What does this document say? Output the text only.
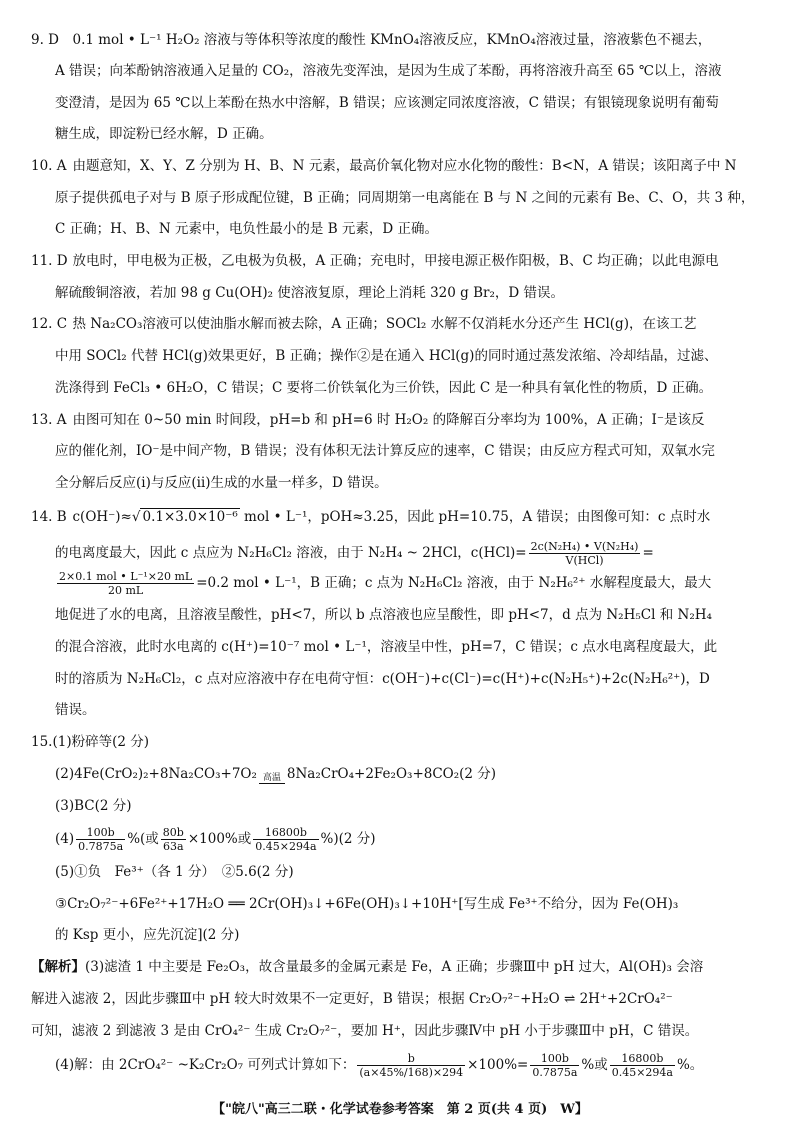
9. D　 0.1 mol • L⁻¹ H₂O₂ 溶液与等体积等浓度的酸性 KMnO₄溶液反应，KMnO₄溶液过量，溶液紫色不褪去，
A 错误；向苯酚钠溶液通入足量的 CO₂，溶液先变浑浊，是因为生成了苯酚，再将溶液升高至 65 ℃以上，溶液
变澄清，是因为 65 ℃以上苯酚在热水中溶解，B 错误；应该测定同浓度溶液，C 错误；有银镜现象说明有葡萄
糖生成，即淀粉已经水解，D 正确。
10. A　 由题意知，X、Y、Z 分别为 H、B、N 元素，最高价氧化物对应水化物的酸性：B<N，A 错误；该阳离子中 N
原子提供孤电子对与 B 原子形成配位键，B 正确；同周期第一电离能在 B 与 N 之间的元素有 Be、C、O，共 3 种，
C 正确；H、B、N 元素中，电负性最小的是 B 元素，D 正确。
11. D　 放电时，甲电极为正极，乙电极为负极，A 正确；充电时，甲接电源正极作阳极，B、C 均正确；以此电源电
解硫酸铜溶液，若加 98 g Cu(OH)₂ 使溶液复原，理论上消耗 320 g Br₂，D 错误。
12. C　 热 Na₂CO₃溶液可以使油脂水解而被去除，A 正确；SOCl₂ 水解不仅消耗水分还产生 HCl(g)，在该工艺
中用 SOCl₂ 代替 HCl(g)效果更好，B 正确；操作②是在通入 HCl(g)的同时通过蒸发浓缩、冷却结晶，过滤、
洗涤得到 FeCl₃ • 6H₂O，C 错误；C 要将二价铁氧化为三价铁，因此 C 是一种具有氧化性的物质，D 正确。
13. A　 由图可知在 0~50 min 时间段，pH=b 和 pH=6 时 H₂O₂ 的降解百分率均为 100%，A 正确；I⁻是该反
应的催化剂，IO⁻是中间产物，B 错误；没有体积无法计算反应的速率，C 错误；由反应方程式可知，双氧水完
全分解后反应(ⅰ)与反应(ⅱ)生成的水量一样多，D 错误。
14. B　 c(OH⁻)≈√ 0.1×3.0×10⁻⁶ mol • L⁻¹，pOH≈3.25，因此 pH=10.75，A 错误；由图像可知：c 点时水
的电离度最大，因此 c 点应为 N₂H₆Cl₂ 溶液，由于 N₂H₄ ~ 2HCl，$c(HCl)= \frac{\text{2c(N₂H₄) • V(N₂H₄)}}{\text{V(HCl)}}$ =
$\frac{\text{2×0.1 mol • L⁻¹×20 mL}}{20 mL} =0.2$ mol • L⁻¹，B 正确；c 点为 N₂H₆Cl₂ 溶液，由于 N₂H₆²⁺ 水解程度最大，最大
地促进了水的电离，且溶液呈酸性，pH<7，所以 b 点溶液也应呈酸性，即 pH<7，d 点为 N₂H₅Cl 和 N₂H₄
的混合溶液，此时水电离的 c(H⁺)=10⁻⁷ mol • L⁻¹，溶液呈中性，pH=7，C 错误；c 点水电离程度最大，此
时的溶质为 N₂H₆Cl₂，c 点对应溶液中存在电荷守恒：c(OH⁻)+c(Cl⁻)=c(H⁺)+c(N₂H₅⁺)+2c(N₂H₆²⁺)，D
错误。
15.(1)粉碎等(2 分)
(2)4Fe(CrO₂)₂+8Na₂CO₃+7O₂ 高温 8Na₂CrO₄+2Fe₂O₃+8CO₂(2 分)
(3)BC(2 分)
$(4) \frac{100b}{0.7875a}$ %(或 $\frac{80b}{63a} \times 100\%$或 $\frac{16800b}{0.45\times 294a} \%)(2$ 分)
(5)①负　Fe³⁺（各 1 分）　②5.6(2 分)
③Cr₂O₇²⁻+6Fe²⁺+17H₂O ══ 2Cr(OH)₃↓+6Fe(OH)₃↓+10H⁺[写生成 Fe³⁺不给分，因为 Fe(OH)₃
的 Ksp 更小，应先沉淀](2 分)
【解析】(3)滤渣 1 中主要是 Fe₂O₃，故含量最多的金属元素是 Fe，A 正确；步骤Ⅲ中 pH 过大，Al(OH)₃ 会溶
解进入滤液 2，因此步骤Ⅲ中 pH 较大时效果不一定更好，B 错误；根据 Cr₂O₇²⁻+H₂O ⇌ 2H⁺+2CrO₄²⁻
可知，滤液 2 到滤液 3 是由 CrO₄²⁻ 生成 Cr₂O₇²⁻，要加 H⁺，因此步骤Ⅳ中 pH 小于步骤Ⅲ中 pH，C 错误。
(4)解：由 2CrO₄²⁻ ~K₂Cr₂O₇ 可列式计算如下： $\frac{b}{(a\times 45\%/168)\times 294} \times 100\%= \frac{100b}{0.7875a}$ %或 $\frac{16800b}{0.45\times 294a}$ %。
【"皖八"高三二联・化学试卷参考答案　第 2 页(共 4 页)　W】
